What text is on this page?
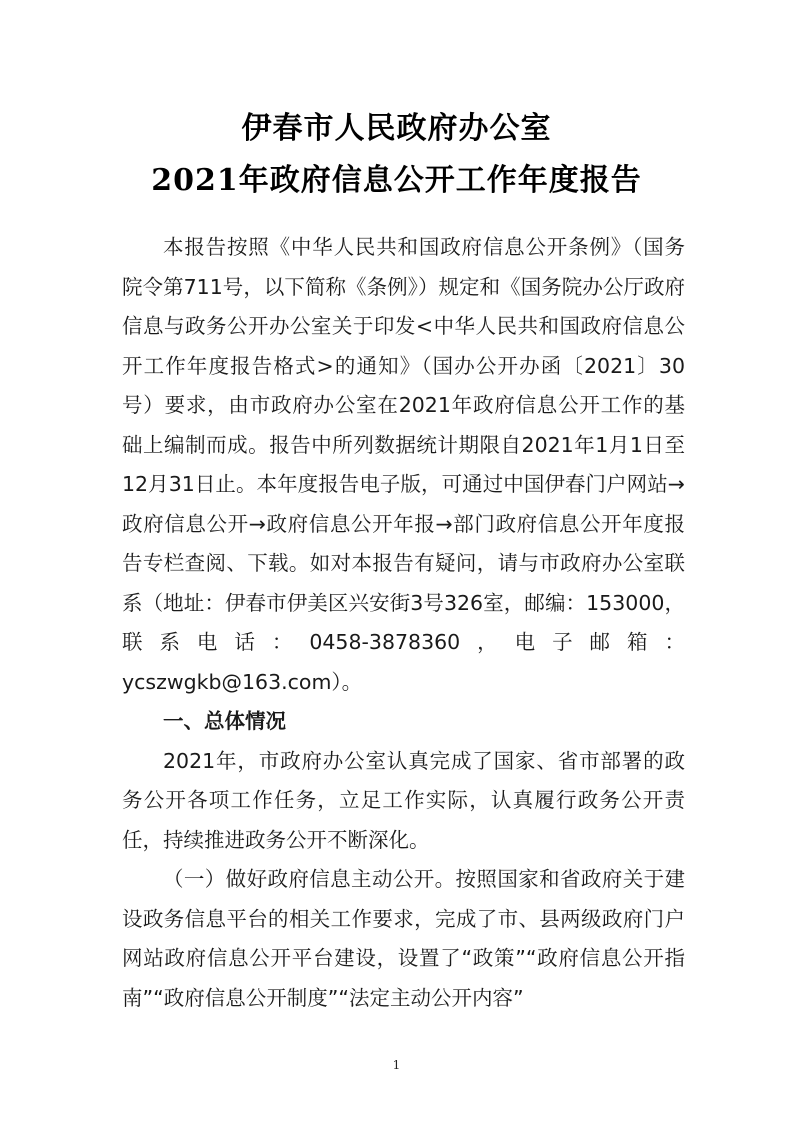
伊春市人民政府办公室
2021年政府信息公开工作年度报告

本报告按照《中华人民共和国政府信息公开条例》（国务院令第711号，以下简称《条例》）规定和《国务院办公厅政府信息与政务公开办公室关于印发<中华人民共和国政府信息公开工作年度报告格式>的通知》（国办公开办函〔2021〕30号）要求，由市政府办公室在2021年政府信息公开工作的基础上编制而成。报告中所列数据统计期限自2021年1月1日至12月31日止。本年度报告电子版，可通过中国伊春门户网站→政府信息公开→政府信息公开年报→部门政府信息公开年度报告专栏查阅、下载。如对本报告有疑问，请与市政府办公室联系（地址：伊春市伊美区兴安街3号326室，邮编：153000，联系电话：0458-3878360，电子邮箱：ycszwgkb@163.com）。

一、总体情况

2021年，市政府办公室认真完成了国家、省市部署的政务公开各项工作任务，立足工作实际，认真履行政务公开责任，持续推进政务公开不断深化。

（一）做好政府信息主动公开。按照国家和省政府关于建设政务信息平台的相关工作要求，完成了市、县两级政府门户网站政府信息公开平台建设，设置了“政策”“政府信息公开指南”“政府信息公开制度”“法定主动公开内容”

1
